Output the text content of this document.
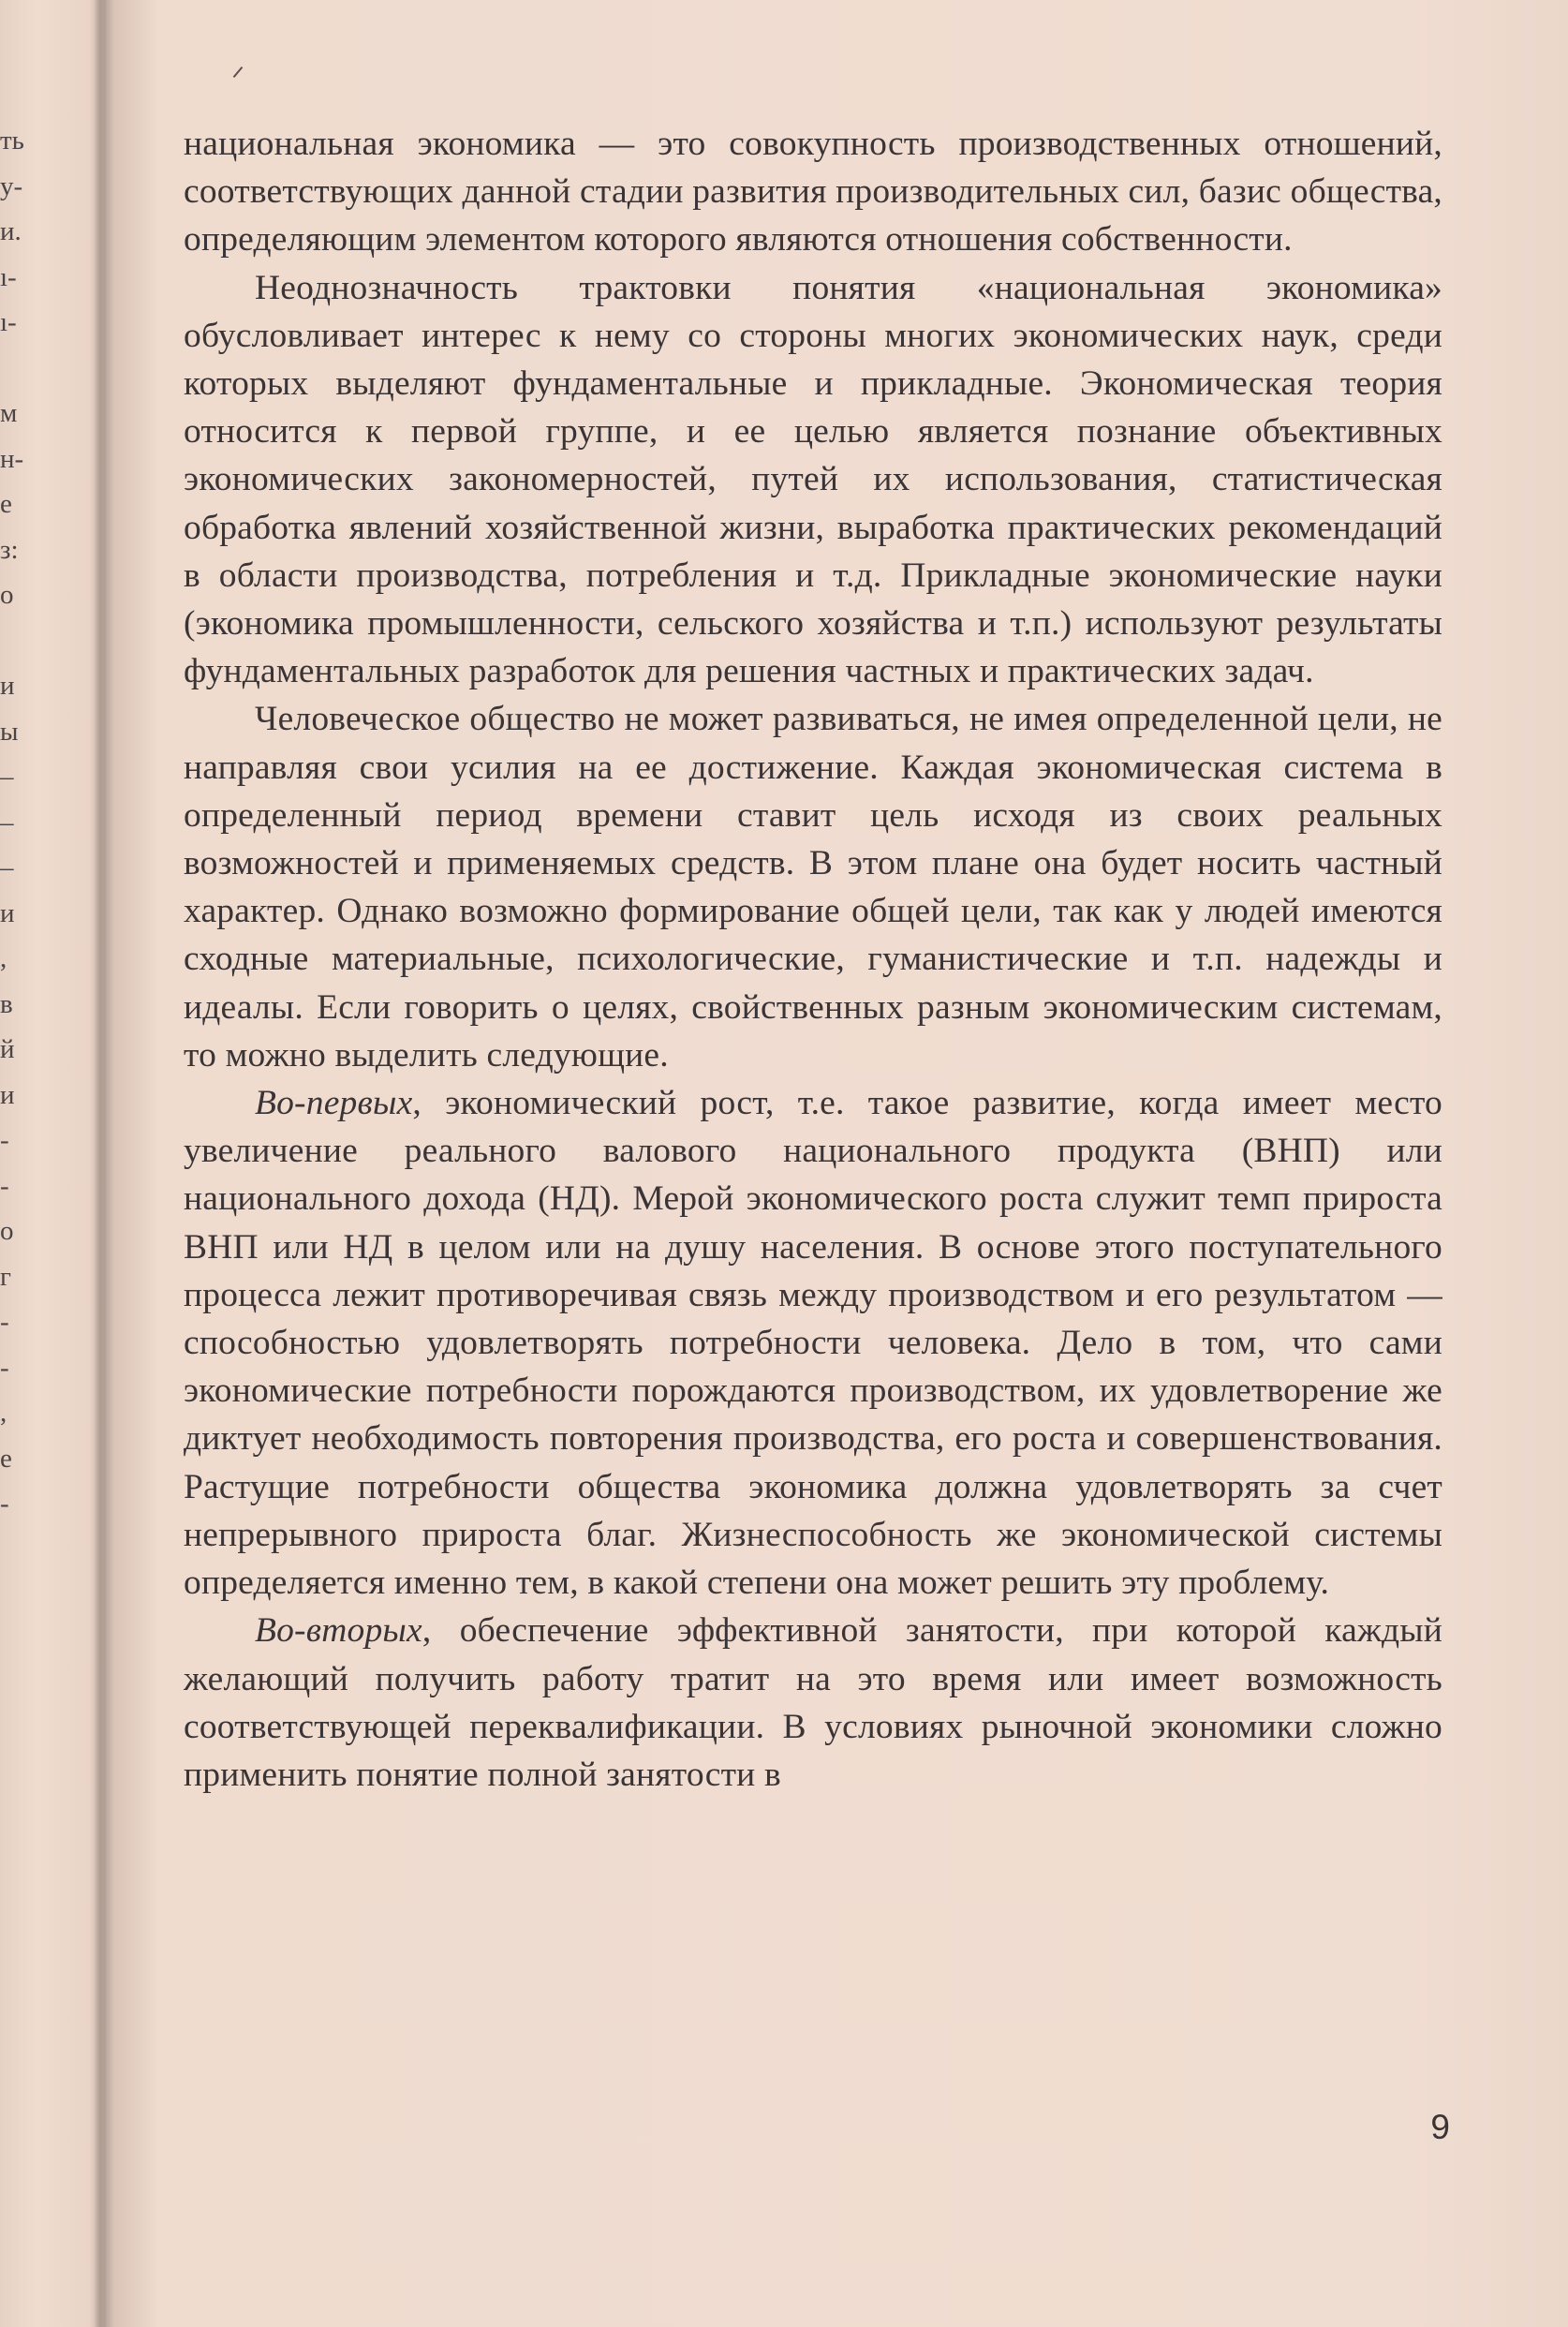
ть
у-
и.
ı-
ı-
м
н-
е
з:
о
и
ы
–
–
–
и
,
в
й
и
-
-
о
г
-
-
,
е
-

национальная экономика — это совокупность производственных отношений, соответствующих данной стадии развития производительных сил, базис общества, определяющим элементом которого являются отношения собственности.

Неоднозначность трактовки понятия «национальная экономика» обусловливает интерес к нему со стороны многих экономических наук, среди которых выделяют фундаментальные и прикладные. Экономическая теория относится к первой группе, и ее целью является познание объективных экономических закономерностей, путей их использования, статистическая обработка явлений хозяйственной жизни, выработка практических рекомендаций в области производства, потребления и т.д. Прикладные экономические науки (экономика промышленности, сельского хозяйства и т.п.) используют результаты фундаментальных разработок для решения частных и практических задач.

Человеческое общество не может развиваться, не имея определенной цели, не направляя свои усилия на ее достижение. Каждая экономическая система в определенный период времени ставит цель исходя из своих реальных возможностей и применяемых средств. В этом плане она будет носить частный характер. Однако возможно формирование общей цели, так как у людей имеются сходные материальные, психологические, гуманистические и т.п. надежды и идеалы. Если говорить о целях, свойственных разным экономическим системам, то можно выделить следующие.

Во-первых, экономический рост, т.е. такое развитие, когда имеет место увеличение реального валового национального продукта (ВНП) или национального дохода (НД). Мерой экономического роста служит темп прироста ВНП или НД в целом или на душу населения. В основе этого поступательного процесса лежит противоречивая связь между производством и его результатом — способностью удовлетворять потребности человека. Дело в том, что сами экономические потребности порождаются производством, их удовлетворение же диктует необходимость повторения производства, его роста и совершенствования. Растущие потребности общества экономика должна удовлетворять за счет непрерывного прироста благ. Жизнеспособность же экономической системы определяется именно тем, в какой степени она может решить эту проблему.

Во-вторых, обеспечение эффективной занятости, при которой каждый желающий получить работу тратит на это время или имеет возможность соответствующей переквалификации. В условиях рыночной экономики сложно применить понятие полной занятости в

9
